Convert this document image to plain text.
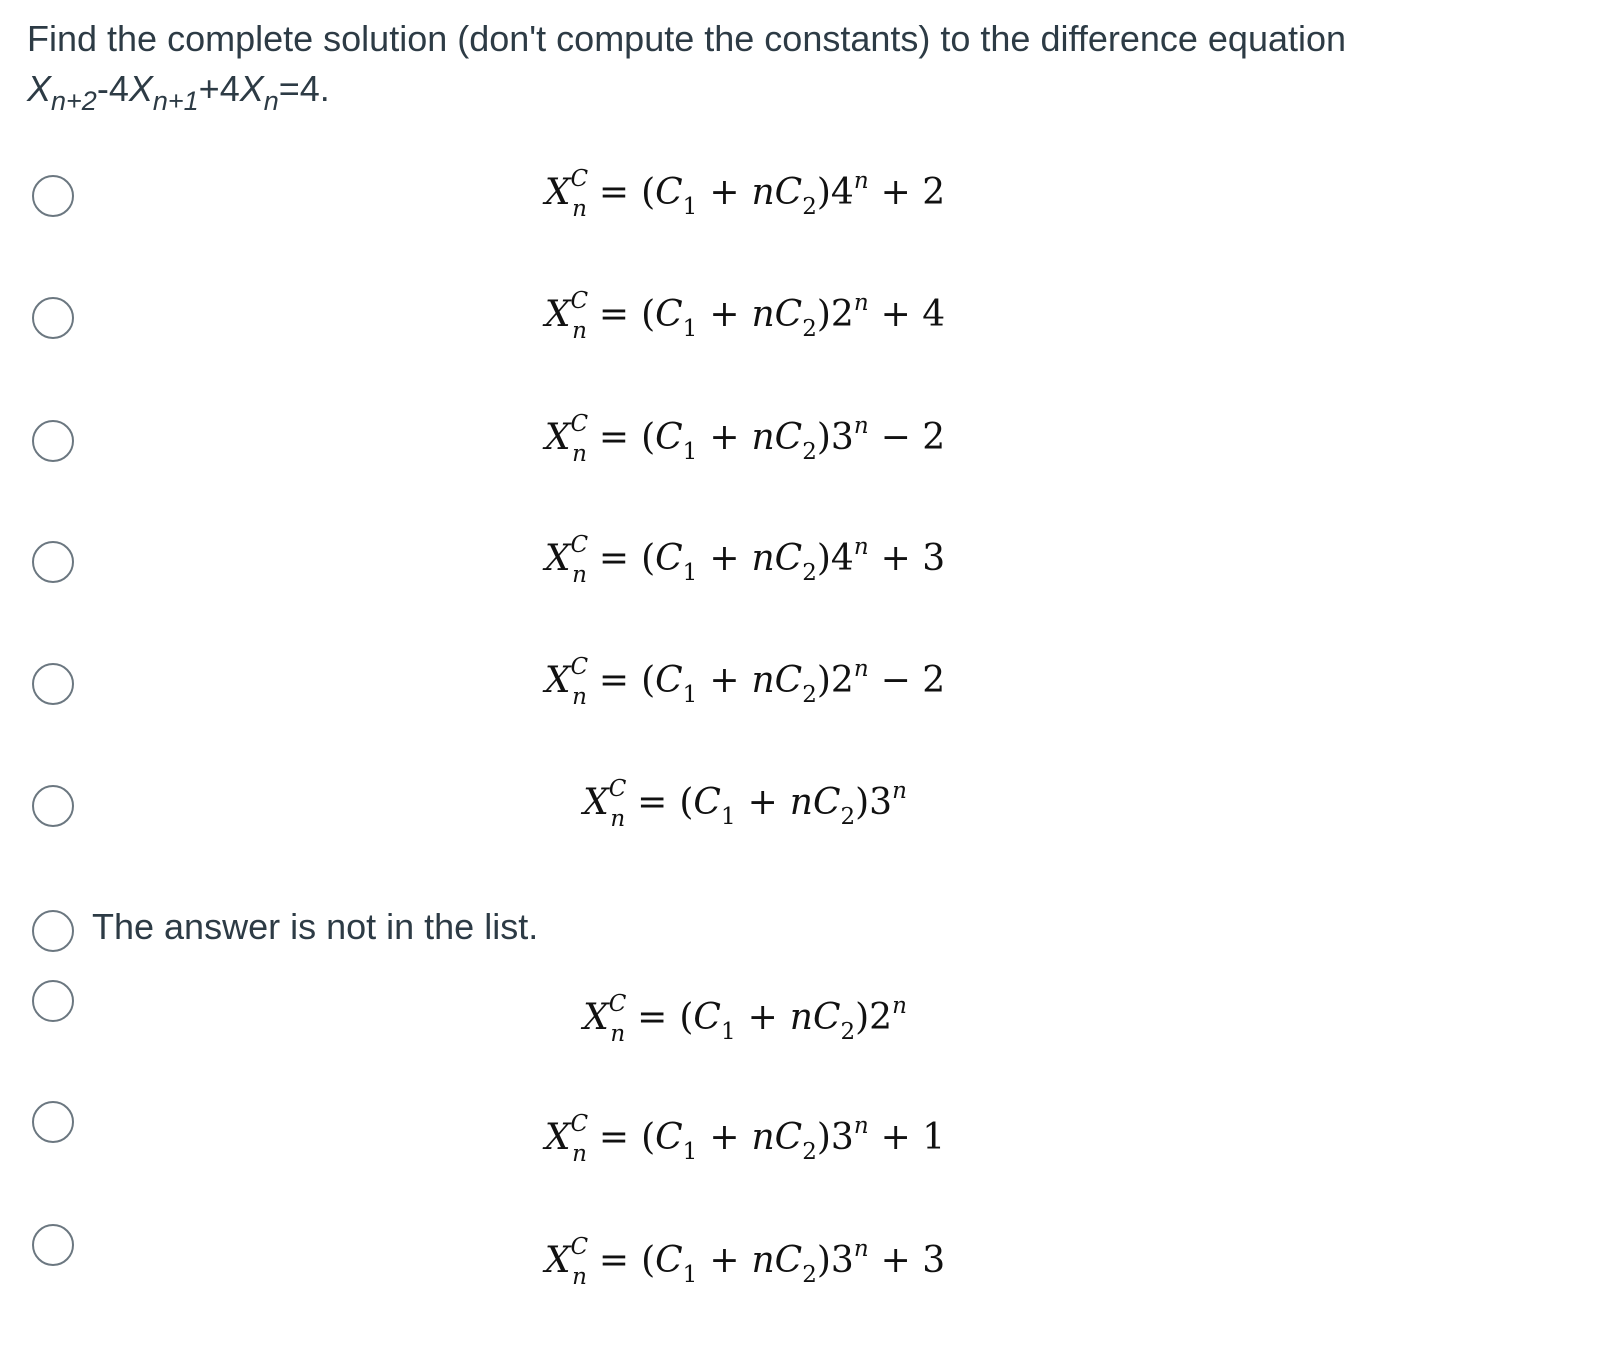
Find the complete solution (don't compute the constants) to the difference equation
$X_{n+2}-4X_{n+1}+4X_n=4$.
$X^C_n = (C_1 + nC_2)4^n + 2$
$X^C_n = (C_1 + nC_2)2^n + 4$
$X^C_n = (C_1 + nC_2)3^n - 2$
$X^C_n = (C_1 + nC_2)4^n + 3$
$X^C_n = (C_1 + nC_2)2^n - 2$
$X^C_n = (C_1 + nC_2)3^n$
The answer is not in the list.
$X^C_n = (C_1 + nC_2)2^n$
$X^C_n = (C_1 + nC_2)3^n + 1$
$X^C_n = (C_1 + nC_2)3^n + 3$
